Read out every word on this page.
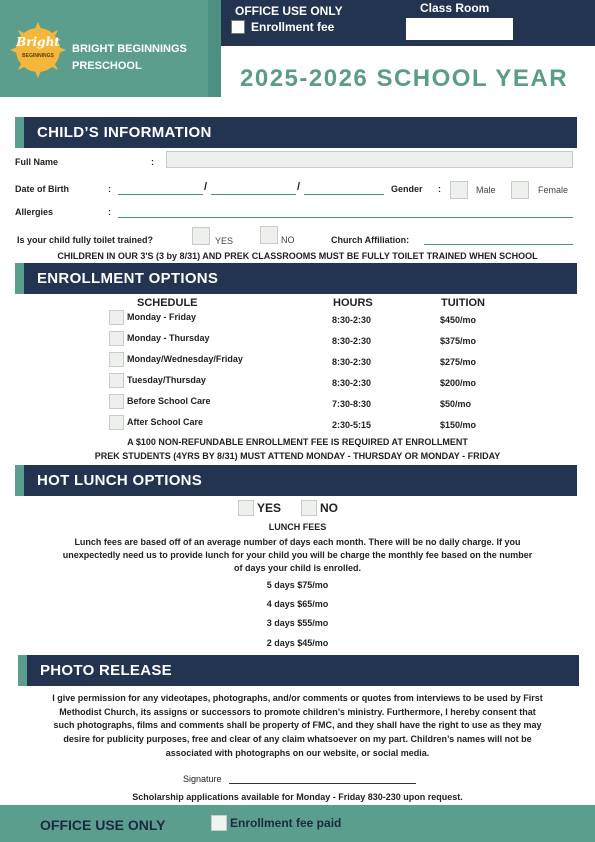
Bright
BEGINNINGS
BRIGHT BEGINNINGS
PRESCHOOL
OFFICE USE ONLY
Enrollment fee
Class Room
2025-2026 SCHOOL YEAR
CHILD’S INFORMATION
Full Name	:
Date of Birth	:	/	/	Gender :	Male	Female
Allergies	:
Is your child fully toilet trained?	YES	NO	Church Affiliation:
CHILDREN IN OUR 3'S (3 by 8/31) AND PREK CLASSROOMS MUST BE FULLY TOILET TRAINED WHEN SCHOOL
ENROLLMENT OPTIONS
SCHEDULE	HOURS	TUITION
Monday - Friday	8:30-2:30	$450/mo
Monday - Thursday	8:30-2:30	$375/mo
Monday/Wednesday/Friday	8:30-2:30	$275/mo
Tuesday/Thursday	8:30-2:30	$200/mo
Before School Care	7:30-8:30	$50/mo
After School Care	2:30-5:15	$150/mo
A $100 NON-REFUNDABLE ENROLLMENT FEE IS REQUIRED AT ENROLLMENT
PREK STUDENTS (4YRS BY 8/31) MUST ATTEND MONDAY - THURSDAY OR MONDAY - FRIDAY
HOT LUNCH OPTIONS
YES	NO
LUNCH FEES
Lunch fees are based off of an average number of days each month. There will be no daily charge. If you
unexpectedly need us to provide lunch for your child you will be charge the monthly fee based on the number
of days your child is enrolled.
5 days $75/mo
4 days $65/mo
3 days $55/mo
2 days $45/mo
PHOTO RELEASE
I give permission for any videotapes, photographs, and/or comments or quotes from interviews to be used by First
Methodist Church, its assigns or successors to promote children’s ministry. Furthermore, I hereby consent that
such photographs, films and comments shall be property of FMC, and they shall have the right to use as they may
desire for publicity purposes, free and clear of any claim whatsoever on my part. Children’s names will not be
associated with photographs on our website, or social media.
Signature
Scholarship applications available for Monday - Friday 830-230 upon request.
OFFICE USE ONLY	Enrollment fee paid
